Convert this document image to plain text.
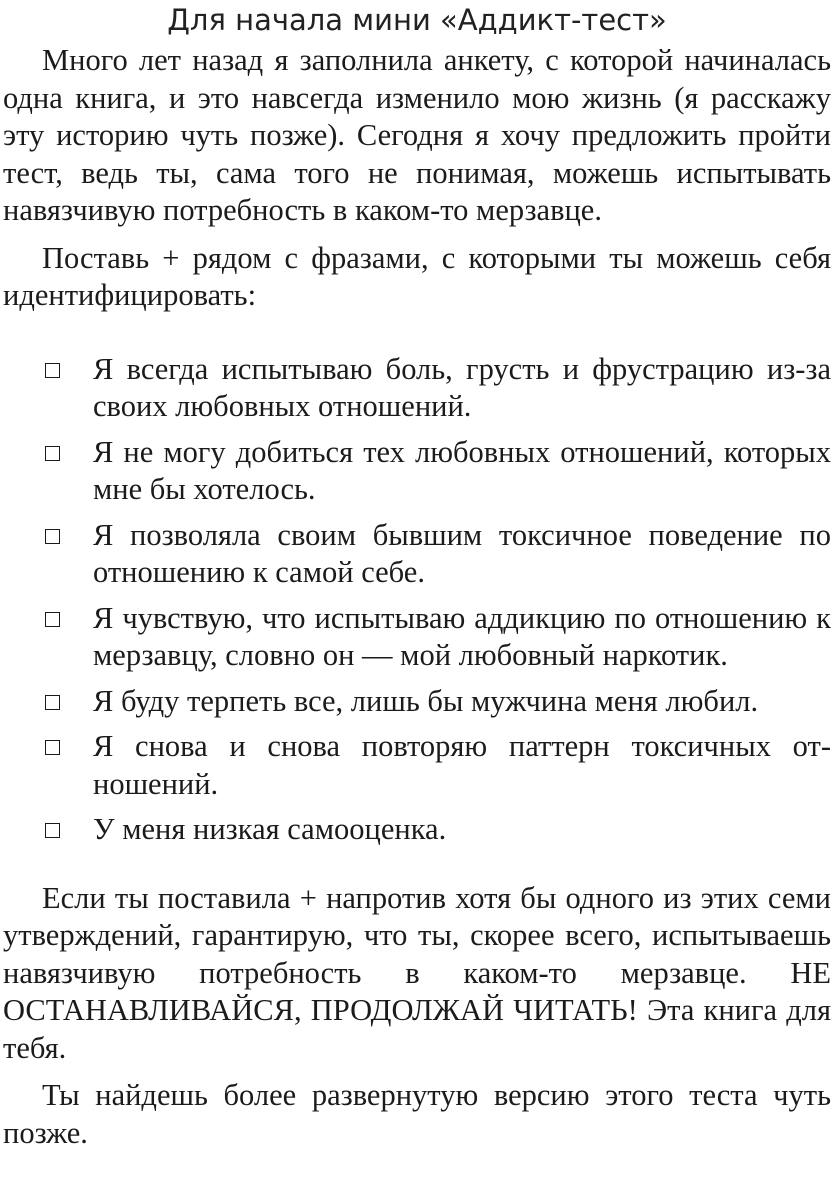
Для начала мини «Аддикт-тест»

Много лет назад я заполнила анкету, с которой начиналась одна книга, и это навсегда изменило мою жизнь (я расскажу эту историю чуть позже). Сегодня я хочу предложить пройти тест, ведь ты, сама того не понимая, можешь испытывать навязчивую потребность в каком-то мерзавце.

Поставь + рядом с фразами, с которыми ты можешь себя идентифицировать:

Я всегда испытываю боль, грусть и фрустрацию из-за своих любовных отношений.
Я не могу добиться тех любовных отношений, которых мне бы хотелось.
Я позволяла своим бывшим токсичное поведение по отношению к самой себе.
Я чувствую, что испытываю аддикцию по отношению к мерзавцу, словно он — мой любовный наркотик.
Я буду терпеть все, лишь бы мужчина меня любил.
Я снова и снова повторяю паттерн токсичных отношений.
У меня низкая самооценка.

Если ты поставила + напротив хотя бы одного из этих семи утверждений, гарантирую, что ты, скорее всего, испытываешь навязчивую потребность в каком-то мерзавце. НЕ ОСТАНАВЛИВАЙСЯ, ПРОДОЛЖАЙ ЧИТАТЬ! Эта книга для тебя.

Ты найдешь более развернутую версию этого теста чуть позже.
